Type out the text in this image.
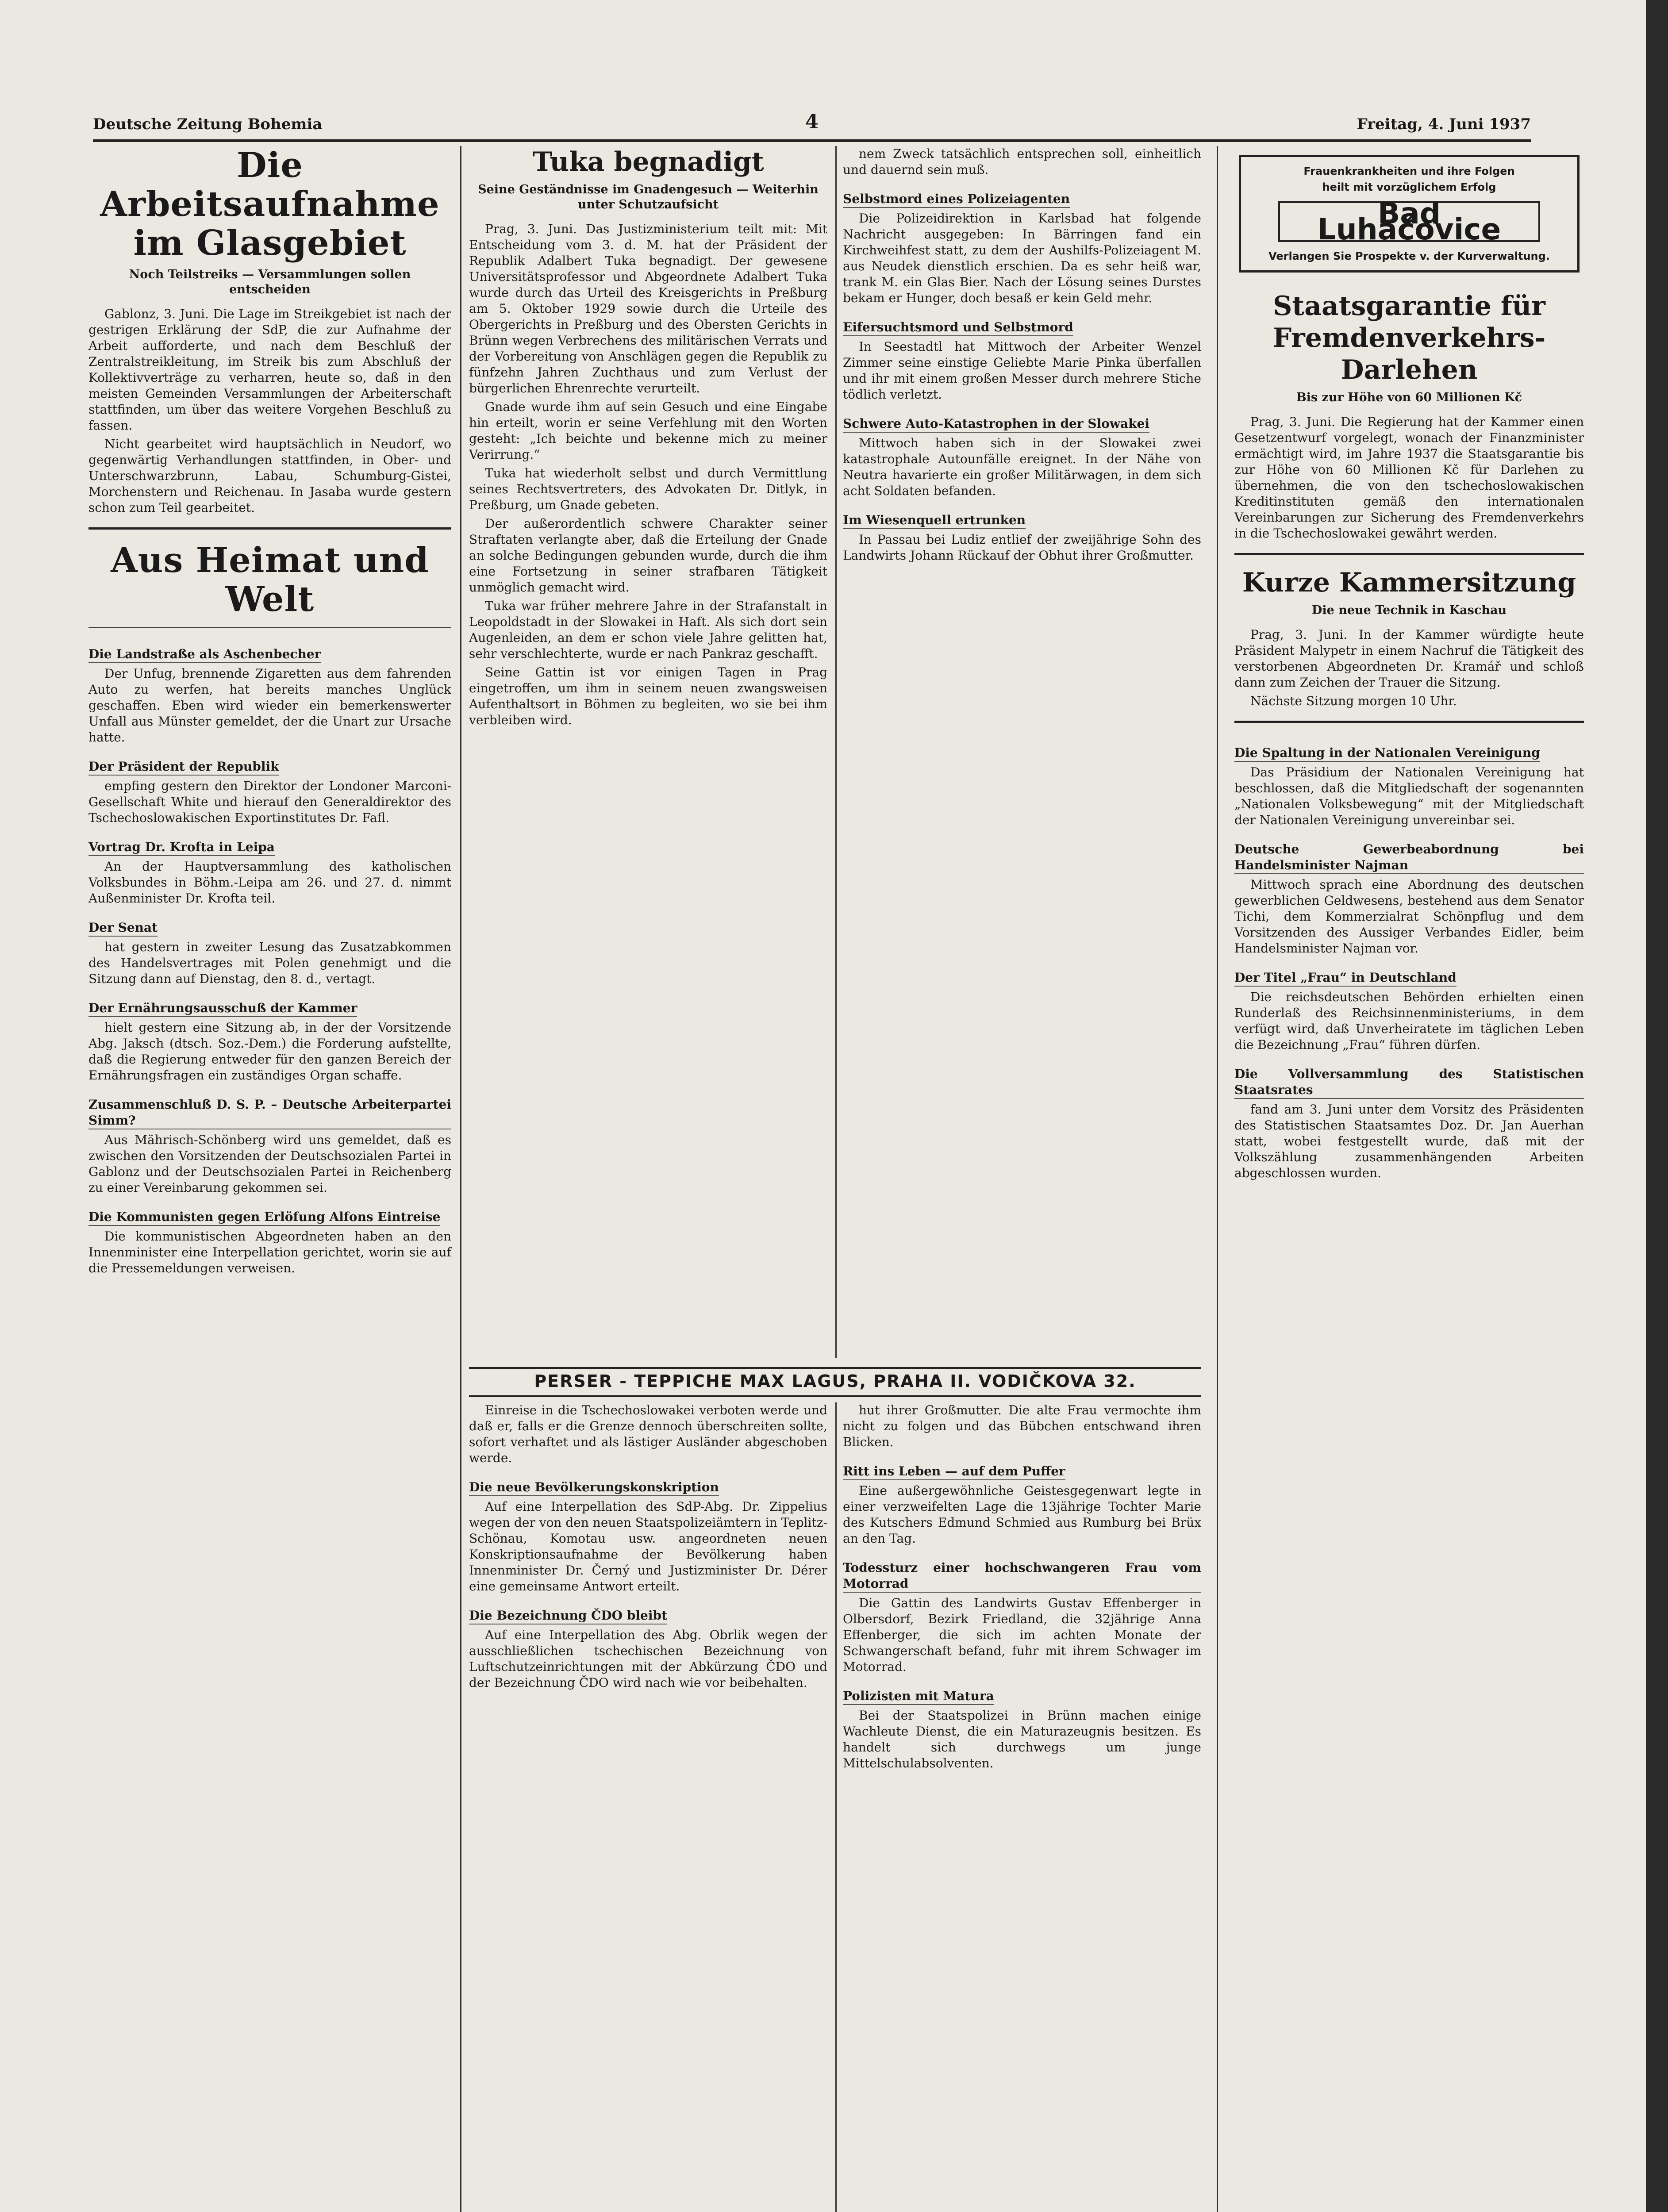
Deutsche Zeitung Bohemia	4	Freitag, 4. Juni 1937
Die Arbeitsaufnahme im Glasgebiet
Noch Teilstreiks — Versammlungen sollen entscheiden

Gablonz, 3. Juni. Die Lage im Streikgebiet ist nach der gestrigen Erklärung der SdP, die zur Aufnahme der Arbeit aufforderte, und nach dem Beschluß der Zentralstreikleitung, im Streik bis zum Abschluß der Kollektivverträge zu verharren, heute so, daß in den meisten Gemeinden Versammlungen der Arbeiterschaft stattfinden, um über das weitere Vorgehen Beschluß zu fassen.

Nicht gearbeitet wird hauptsächlich in Neudorf, wo gegenwärtig Verhandlungen stattfinden, in Ober- und Unterschwarzbrunn, Labau, Schumburg-Gistei, Morchenstern und Reichenau. In Jasaba wurde gestern schon zum Teil gearbeitet.

Aus Heimat und Welt
Die Landstraße als Aschenbecher

Der Unfug, brennende Zigaretten aus dem fahrenden Auto zu werfen, hat bereits manches Unglück geschaffen. Eben wird wieder ein bemerkenswerter Unfall aus Münster gemeldet, der die Unart zur Ursache hatte.

Der Präsident der Republik

empfing gestern den Direktor der Londoner Marconi-Gesellschaft White und hierauf den Generaldirektor des Tschechoslowakischen Exportinstitutes Dr. Fafl.

Vortrag Dr. Krofta in Leipa

An der Hauptversammlung des katholischen Volksbundes in Böhm.-Leipa am 26. und 27. d. nimmt Außenminister Dr. Krofta teil.

Der Senat

hat gestern in zweiter Lesung das Zusatzabkommen des Handelsvertrages mit Polen genehmigt und die Sitzung dann auf Dienstag, den 8. d., vertagt.

Der Ernährungsausschuß der Kammer

hielt gestern eine Sitzung ab, in der der Vorsitzende Abg. Jaksch (dtsch. Soz.-Dem.) die Forderung aufstellte, daß die Regierung entweder für den ganzen Bereich der Ernährungsfragen ein zuständiges Organ schaffe.

Zusammenschluß D. S. P. – Deutsche Arbeiterpartei Simm?

Aus Mährisch-Schönberg wird uns gemeldet, daß es zwischen den Vorsitzenden der Deutschsozialen Partei in Gablonz und der Deutschsozialen Partei in Reichenberg zu einer Vereinbarung gekommen sei.

Die Kommunisten gegen Erlöfung Alfons Eintreise

Die kommunistischen Abgeordneten haben an den Innenminister eine Interpellation gerichtet, worin sie auf die Pressemeldungen verweisen.

Tuka begnadigt
Seine Geständnisse im Gnadengesuch — Weiterhin unter Schutzaufsicht

Prag, 3. Juni. Das Justizministerium teilt mit: Mit Entscheidung vom 3. d. M. hat der Präsident der Republik Adalbert Tuka begnadigt. Der gewesene Universitätsprofessor und Abgeordnete Adalbert Tuka wurde durch das Urteil des Kreisgerichts in Preßburg am 5. Oktober 1929 sowie durch die Urteile des Obergerichts in Preßburg und des Obersten Gerichts in Brünn wegen Verbrechens des militärischen Verrats und der Vorbereitung von Anschlägen gegen die Republik zu fünfzehn Jahren Zuchthaus und zum Verlust der bürgerlichen Ehrenrechte verurteilt.

Gnade wurde ihm auf sein Gesuch und eine Eingabe hin erteilt, worin er seine Verfehlung mit den Worten gesteht: „Ich beichte und bekenne mich zu meiner Verirrung.“

Tuka hat wiederholt selbst und durch Vermittlung seines Rechtsvertreters, des Advokaten Dr. Ditlyk, in Preßburg, um Gnade gebeten.

Der außerordentlich schwere Charakter seiner Straftaten verlangte aber, daß die Erteilung der Gnade an solche Bedingungen gebunden wurde, durch die ihm eine Fortsetzung in seiner strafbaren Tätigkeit unmöglich gemacht wird.

Tuka war früher mehrere Jahre in der Strafanstalt in Leopoldstadt in der Slowakei in Haft. Als sich dort sein Augenleiden, an dem er schon viele Jahre gelitten hat, sehr verschlechterte, wurde er nach Pankraz geschafft.

Seine Gattin ist vor einigen Tagen in Prag eingetroffen, um ihm in seinem neuen zwangsweisen Aufenthaltsort in Böhmen zu begleiten, wo sie bei ihm verbleiben wird.

nem Zweck tatsächlich entsprechen soll, einheitlich und dauernd sein muß.

Selbstmord eines Polizeiagenten

Die Polizeidirektion in Karlsbad hat folgende Nachricht ausgegeben: In Bärringen fand ein Kirchweihfest statt, zu dem der Aushilfs-Polizeiagent M. aus Neudek dienstlich erschien. Da es sehr heiß war, trank M. ein Glas Bier. Nach der Lösung seines Durstes bekam er Hunger, doch besaß er kein Geld mehr.

Eifersuchtsmord und Selbstmord

In Seestadtl hat Mittwoch der Arbeiter Wenzel Zimmer seine einstige Geliebte Marie Pinka überfallen und ihr mit einem großen Messer durch mehrere Stiche tödlich verletzt.

Schwere Auto-Katastrophen in der Slowakei

Mittwoch haben sich in der Slowakei zwei katastrophale Autounfälle ereignet. In der Nähe von Neutra havarierte ein großer Militärwagen, in dem sich acht Soldaten befanden.

Im Wiesenquell ertrunken

In Passau bei Ludiz entlief der zweijährige Sohn des Landwirts Johann Rückauf der Obhut ihrer Großmutter.

Frauenkrankheiten und ihre Folgen
heilt mit vorzüglichem Erfolg
Bad Luhačovice
Verlangen Sie Prospekte v. der Kurverwaltung.
Staatsgarantie für Fremdenverkehrs-Darlehen
Bis zur Höhe von 60 Millionen Kč

Prag, 3. Juni. Die Regierung hat der Kammer einen Gesetzentwurf vorgelegt, wonach der Finanzminister ermächtigt wird, im Jahre 1937 die Staatsgarantie bis zur Höhe von 60 Millionen Kč für Darlehen zu übernehmen, die von den tschechoslowakischen Kreditinstituten gemäß den internationalen Vereinbarungen zur Sicherung des Fremdenverkehrs in die Tschechoslowakei gewährt werden.

Kurze Kammersitzung
Die neue Technik in Kaschau

Prag, 3. Juni. In der Kammer würdigte heute Präsident Malypetr in einem Nachruf die Tätigkeit des verstorbenen Abgeordneten Dr. Kramář und schloß dann zum Zeichen der Trauer die Sitzung.

Nächste Sitzung morgen 10 Uhr.

Die Spaltung in der Nationalen Vereinigung

Das Präsidium der Nationalen Vereinigung hat beschlossen, daß die Mitgliedschaft der sogenannten „Nationalen Volksbewegung“ mit der Mitgliedschaft der Nationalen Vereinigung unvereinbar sei.

Deutsche Gewerbeabordnung bei Handelsminister Najman

Mittwoch sprach eine Abordnung des deutschen gewerblichen Geldwesens, bestehend aus dem Senator Tichi, dem Kommerzialrat Schönpflug und dem Vorsitzenden des Aussiger Verbandes Eidler, beim Handelsminister Najman vor.

Der Titel „Frau“ in Deutschland

Die reichsdeutschen Behörden erhielten einen Runderlaß des Reichsinnenministeriums, in dem verfügt wird, daß Unverheiratete im täglichen Leben die Bezeichnung „Frau“ führen dürfen.

Die Vollversammlung des Statistischen Staatsrates

fand am 3. Juni unter dem Vorsitz des Präsidenten des Statistischen Staatsamtes Doz. Dr. Jan Auerhan statt, wobei festgestellt wurde, daß mit der Volkszählung zusammenhängenden Arbeiten abgeschlossen wurden.

PERSER - TEPPICHE MAX LAGUS, PRAHA II. VODIČKOVA 32.

Einreise in die Tschechoslowakei verboten werde und daß er, falls er die Grenze dennoch überschreiten sollte, sofort verhaftet und als lästiger Ausländer abgeschoben werde.

Die neue Bevölkerungskonskription

Auf eine Interpellation des SdP-Abg. Dr. Zippelius wegen der von den neuen Staatspolizeiämtern in Teplitz-Schönau, Komotau usw. angeordneten neuen Konskriptionsaufnahme der Bevölkerung haben Innenminister Dr. Černý und Justizminister Dr. Dérer eine gemeinsame Antwort erteilt.

Die Bezeichnung ČDO bleibt

Auf eine Interpellation des Abg. Obrlik wegen der ausschließlichen tschechischen Bezeichnung von Luftschutzeinrichtungen mit der Abkürzung ČDO und der Bezeichnung ČDO wird nach wie vor beibehalten.

hut ihrer Großmutter. Die alte Frau vermochte ihm nicht zu folgen und das Bübchen entschwand ihren Blicken.

Ritt ins Leben — auf dem Puffer

Eine außergewöhnliche Geistesgegenwart legte in einer verzweifelten Lage die 13jährige Tochter Marie des Kutschers Edmund Schmied aus Rumburg bei Brüx an den Tag.

Todessturz einer hochschwangeren Frau vom Motorrad

Die Gattin des Landwirts Gustav Effenberger in Olbersdorf, Bezirk Friedland, die 32jährige Anna Effenberger, die sich im achten Monate der Schwangerschaft befand, fuhr mit ihrem Schwager im Motorrad.

Polizisten mit Matura

Bei der Staatspolizei in Brünn machen einige Wachleute Dienst, die ein Maturazeugnis besitzen. Es handelt sich durchwegs um junge Mittelschulabsolventen.
